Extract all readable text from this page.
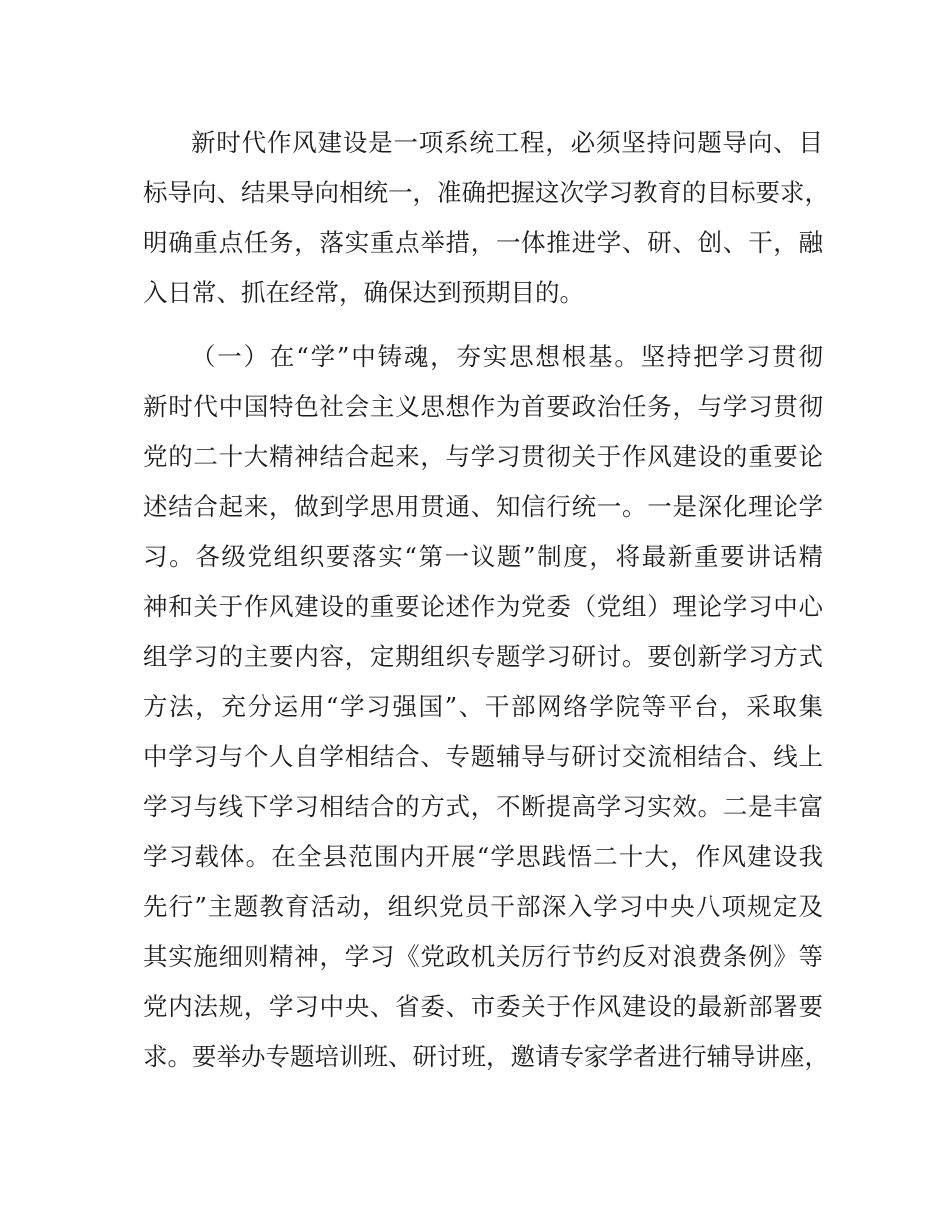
新时代作风建设是一项系统工程，必须坚持问题导向、目
标导向、结果导向相统一，准确把握这次学习教育的目标要求，
明确重点任务，落实重点举措，一体推进学、研、创、干，融
入日常、抓在经常，确保达到预期目的。
（一）在“学”中铸魂，夯实思想根基。坚持把学习贯彻
新时代中国特色社会主义思想作为首要政治任务，与学习贯彻
党的二十大精神结合起来，与学习贯彻关于作风建设的重要论
述结合起来，做到学思用贯通、知信行统一。一是深化理论学
习。各级党组织要落实“第一议题”制度，将最新重要讲话精
神和关于作风建设的重要论述作为党委（党组）理论学习中心
组学习的主要内容，定期组织专题学习研讨。要创新学习方式
方法，充分运用“学习强国”、干部网络学院等平台，采取集
中学习与个人自学相结合、专题辅导与研讨交流相结合、线上
学习与线下学习相结合的方式，不断提高学习实效。二是丰富
学习载体。在全县范围内开展“学思践悟二十大，作风建设我
先行”主题教育活动，组织党员干部深入学习中央八项规定及
其实施细则精神，学习《党政机关厉行节约反对浪费条例》等
党内法规，学习中央、省委、市委关于作风建设的最新部署要
求。要举办专题培训班、研讨班，邀请专家学者进行辅导讲座，
